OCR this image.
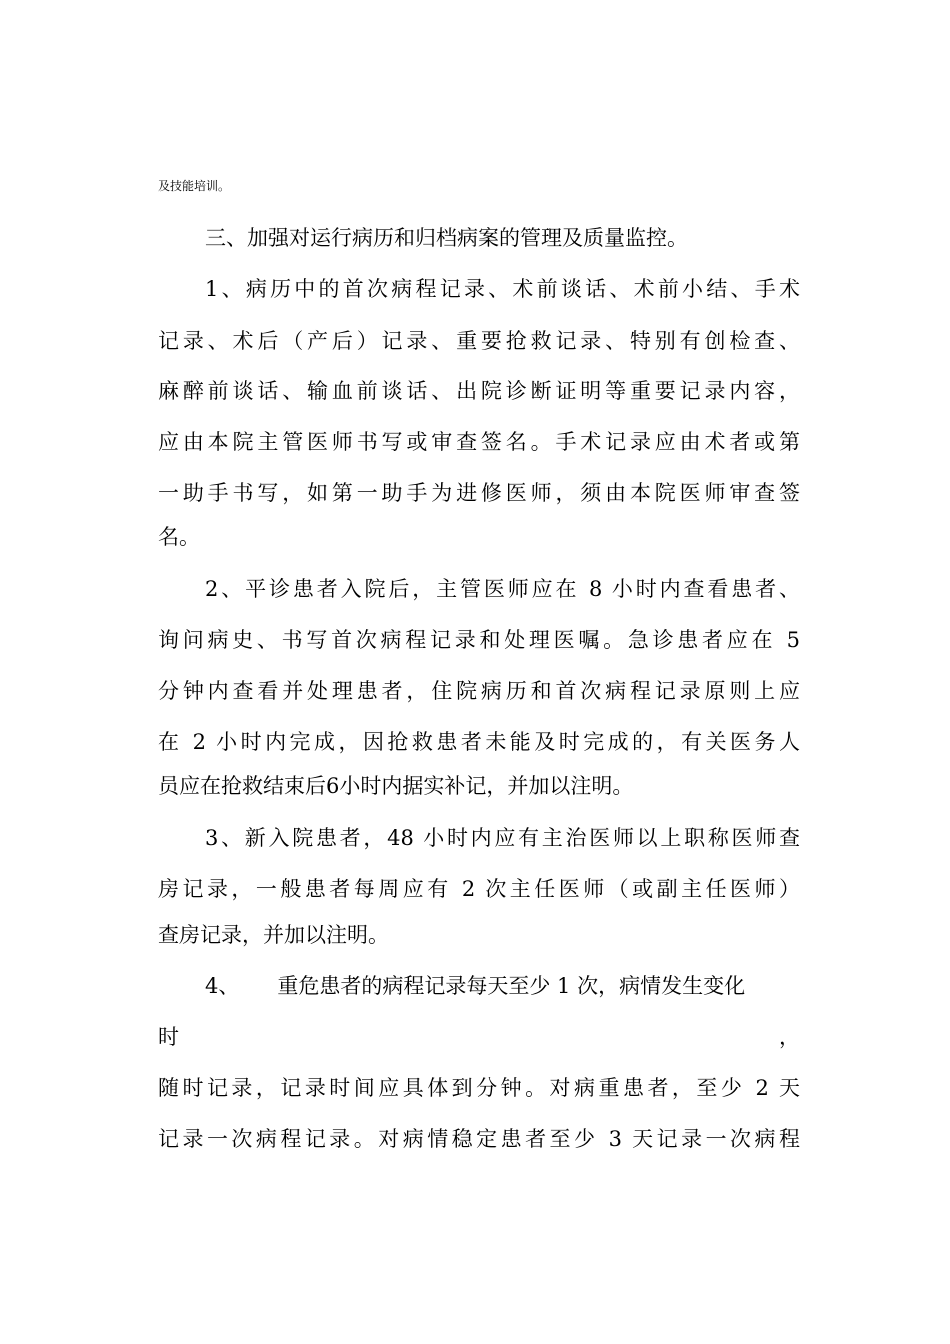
及技能培训。
三、加强对运行病历和归档病案的管理及质量监控。
1、病历中的首次病程记录、术前谈话、术前小结、手术
记录、术后（产后）记录、重要抢救记录、特别有创检查、
麻醉前谈话、输血前谈话、出院诊断证明等重要记录内容，
应由本院主管医师书写或审查签名。手术记录应由术者或第
一助手书写，如第一助手为进修医师，须由本院医师审查签
名。
2、平诊患者入院后，主管医师应在 8 小时内查看患者、
询问病史、书写首次病程记录和处理医嘱。急诊患者应在 5
分钟内查看并处理患者，住院病历和首次病程记录原则上应
在 2 小时内完成，因抢救患者未能及时完成的，有关医务人
员应在抢救结束后6小时内据实补记，并加以注明。
3、新入院患者，48 小时内应有主治医师以上职称医师查
房记录，一般患者每周应有 2 次主任医师（或副主任医师）
查房记录，并加以注明。
4、 重危患者的病程记录每天至少 1 次，病情发生变化
时	，
随时记录，记录时间应具体到分钟。对病重患者，至少 2 天
记录一次病程记录。对病情稳定患者至少 3 天记录一次病程
